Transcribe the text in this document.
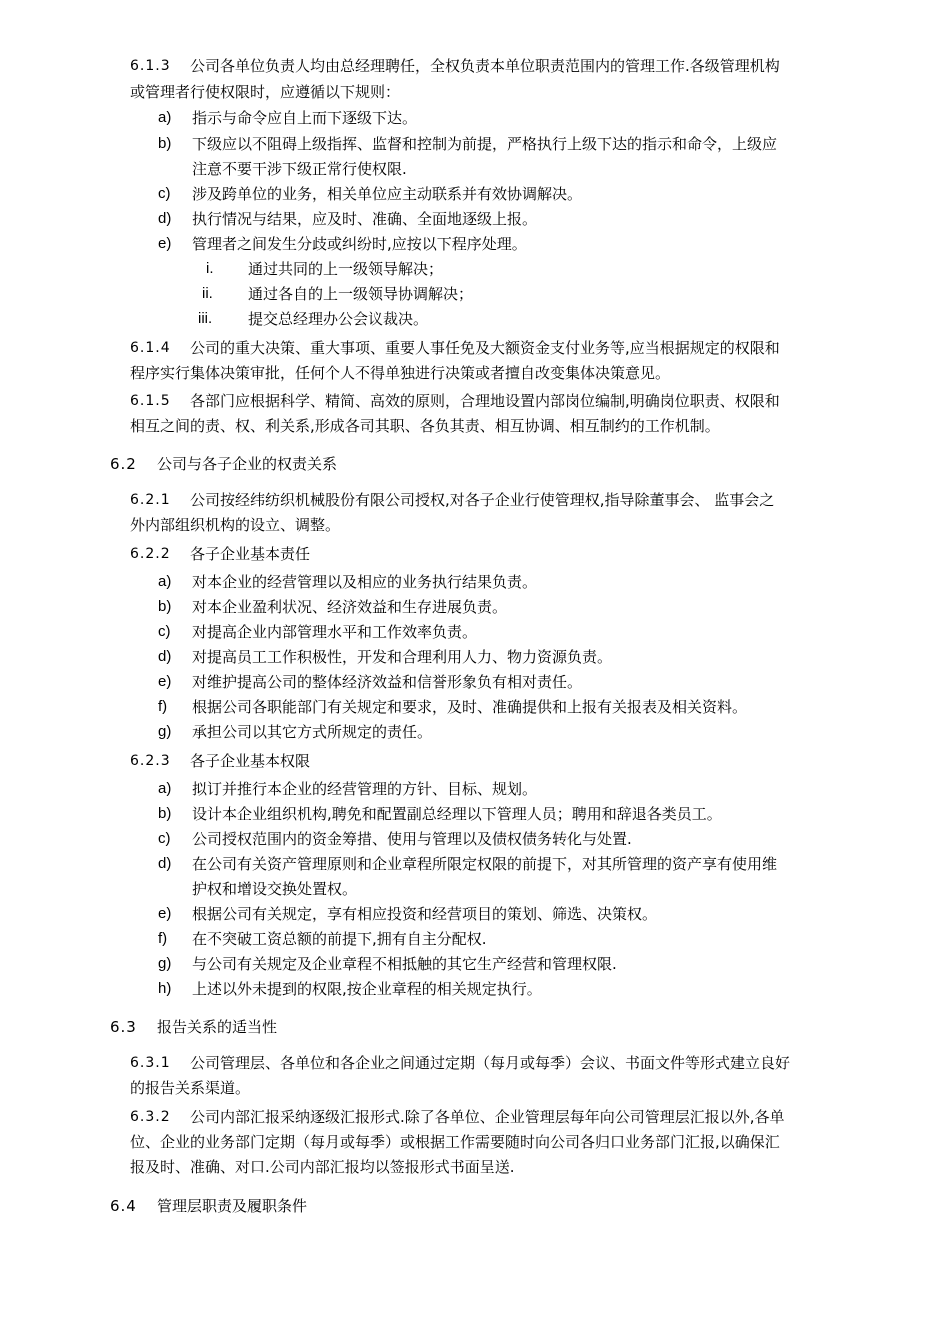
6.1.3 公司各单位负责人均由总经理聘任，全权负责本单位职责范围内的管理工作.各级管理机构
或管理者行使权限时，应遵循以下规则：
a) 指示与命令应自上而下逐级下达。
b) 下级应以不阻碍上级指挥、监督和控制为前提，严格执行上级下达的指示和命令，上级应
注意不要干涉下级正常行使权限.
c) 涉及跨单位的业务，相关单位应主动联系并有效协调解决。
d) 执行情况与结果，应及时、准确、全面地逐级上报。
e) 管理者之间发生分歧或纠纷时,应按以下程序处理。
i. 通过共同的上一级领导解决；
ii. 通过各自的上一级领导协调解决；
iii. 提交总经理办公会议裁决。
6.1.4 公司的重大决策、重大事项、重要人事任免及大额资金支付业务等,应当根据规定的权限和
程序实行集体决策审批，任何个人不得单独进行决策或者擅自改变集体决策意见。
6.1.5 各部门应根据科学、精简、高效的原则，合理地设置内部岗位编制,明确岗位职责、权限和
相互之间的责、权、利关系,形成各司其职、各负其责、相互协调、相互制约的工作机制。
6.2 公司与各子企业的权责关系
6.2.1 公司按经纬纺织机械股份有限公司授权,对各子企业行使管理权,指导除董事会、 监事会之
外内部组织机构的设立、调整。
6.2.2 各子企业基本责任
a) 对本企业的经营管理以及相应的业务执行结果负责。
b) 对本企业盈利状况、经济效益和生存进展负责。
c) 对提高企业内部管理水平和工作效率负责。
d) 对提高员工工作积极性，开发和合理利用人力、物力资源负责。
e) 对维护提高公司的整体经济效益和信誉形象负有相对责任。
f) 根据公司各职能部门有关规定和要求，及时、准确提供和上报有关报表及相关资料。
g) 承担公司以其它方式所规定的责任。
6.2.3 各子企业基本权限
a) 拟订并推行本企业的经营管理的方针、目标、规划。
b) 设计本企业组织机构,聘免和配置副总经理以下管理人员；聘用和辞退各类员工。
c) 公司授权范围内的资金筹措、使用与管理以及债权债务转化与处置.
d) 在公司有关资产管理原则和企业章程所限定权限的前提下，对其所管理的资产享有使用维
护权和增设交换处置权。
e) 根据公司有关规定，享有相应投资和经营项目的策划、筛选、决策权。
f) 在不突破工资总额的前提下,拥有自主分配权.
g) 与公司有关规定及企业章程不相抵触的其它生产经营和管理权限.
h) 上述以外未提到的权限,按企业章程的相关规定执行。
6.3 报告关系的适当性
6.3.1 公司管理层、各单位和各企业之间通过定期（每月或每季）会议、书面文件等形式建立良好
的报告关系渠道。
6.3.2 公司内部汇报采纳逐级汇报形式.除了各单位、企业管理层每年向公司管理层汇报以外,各单
位、企业的业务部门定期（每月或每季）或根据工作需要随时向公司各归口业务部门汇报,以确保汇
报及时、准确、对口.公司内部汇报均以签报形式书面呈送.
6.4 管理层职责及履职条件
